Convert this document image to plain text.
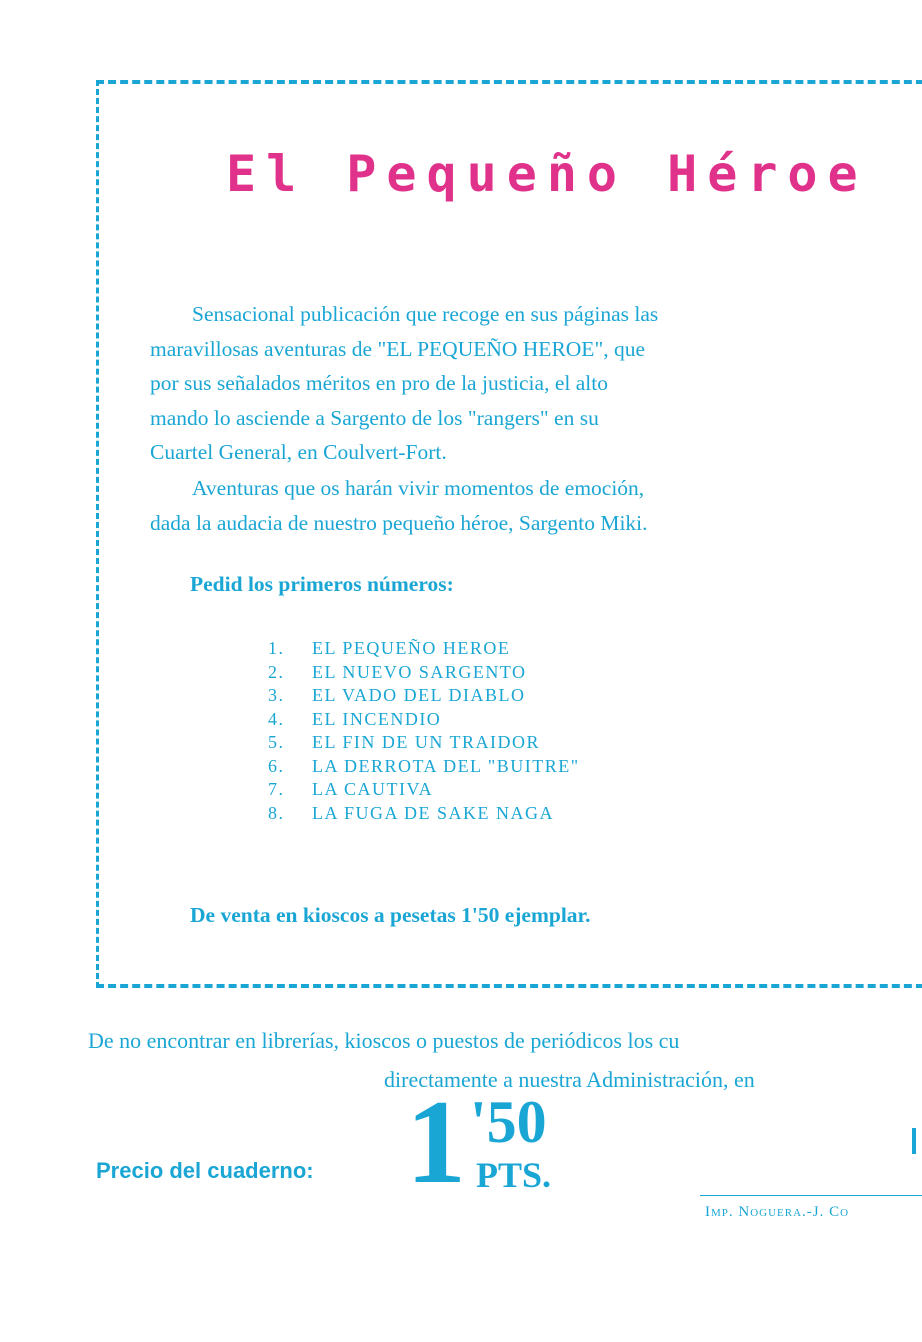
El Pequeño Héroe
Sensacional publicación que recoge en sus páginas las
maravillosas aventuras de "EL PEQUEÑO HEROE", que
por sus señalados méritos en pro de la justicia, el alto
mando lo asciende a Sargento de los "rangers" en su
Cuartel General, en Coulvert-Fort.
Aventuras que os harán vivir momentos de emoción,
dada la audacia de nuestro pequeño héroe, Sargento Miki.
Pedid los primeros números:
1. EL PEQUEÑO HEROE
2. EL NUEVO SARGENTO
3. EL VADO DEL DIABLO
4. EL INCENDIO
5. EL FIN DE UN TRAIDOR
6. LA DERROTA DEL "BUITRE"
7. LA CAUTIVA
8. LA FUGA DE SAKE NAGA
De venta en kioscos a pesetas 1'50 ejemplar.
De no encontrar en librerías, kioscos o puestos de periódicos los cu
directamente a nuestra Administración, en
Precio del cuaderno: 1 '50
PTS.
Imp. Noguera.-J. Co
